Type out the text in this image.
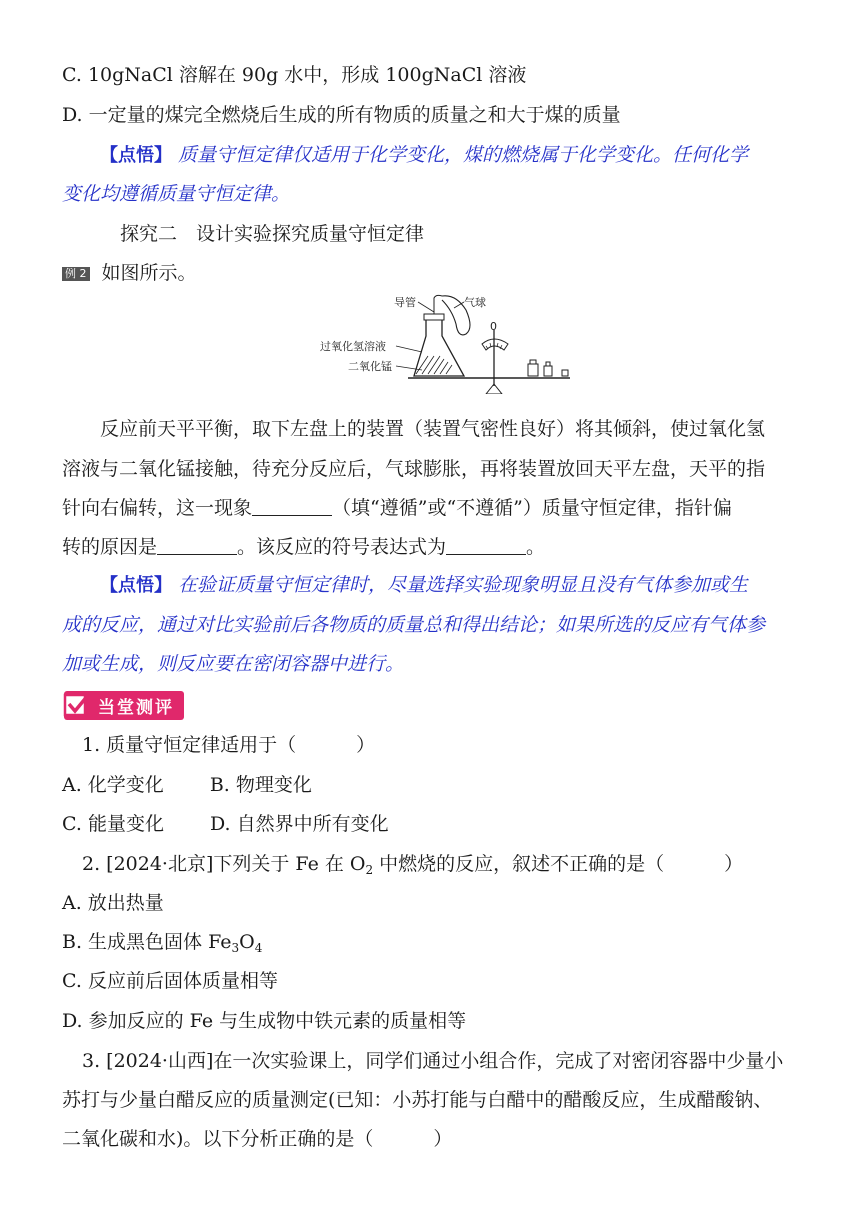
C. 10gNaCl 溶解在 90g 水中，形成 100gNaCl 溶液
D. 一定量的煤完全燃烧后生成的所有物质的质量之和大于煤的质量
【点悟】 质量守恒定律仅适用于化学变化，煤的燃烧属于化学变化。任何化学
变化均遵循质量守恒定律。
探究二　设计实验探究质量守恒定律
例 2 如图所示。
导管	气球
过氧化氢溶液
二氧化锰
0
反应前天平平衡，取下左盘上的装置（装置气密性良好）将其倾斜，使过氧化氢
溶液与二氧化锰接触，待充分反应后，气球膨胀，再将装置放回天平左盘，天平的指
针向右偏转，这一现象	（填“遵循”或“不遵循”）质量守恒定律，指针偏
转的原因是	。该反应的符号表达式为	。
【点悟】 在验证质量守恒定律时，尽量选择实验现象明显且没有气体参加或生
成的反应，通过对比实验前后各物质的质量总和得出结论；如果所选的反应有气体参
加或生成，则反应要在密闭容器中进行。
当堂测评
1. 质量守恒定律适用于（	）
A. 化学变化 B. 物理变化
C. 能量变化 D. 自然界中所有变化
2. [2024·北京]下列关于 Fe 在 $O_2$ 中燃烧的反应，叙述不正确的是（	）
A. 放出热量
B. 生成黑色固体 $Fe_3O_4$
C. 反应前后固体质量相等
D. 参加反应的 Fe 与生成物中铁元素的质量相等
3. [2024·山西]在一次实验课上，同学们通过小组合作，完成了对密闭容器中少量小
苏打与少量白醋反应的质量测定(已知：小苏打能与白醋中的醋酸反应，生成醋酸钠、
二氧化碳和水)。以下分析正确的是（	）
